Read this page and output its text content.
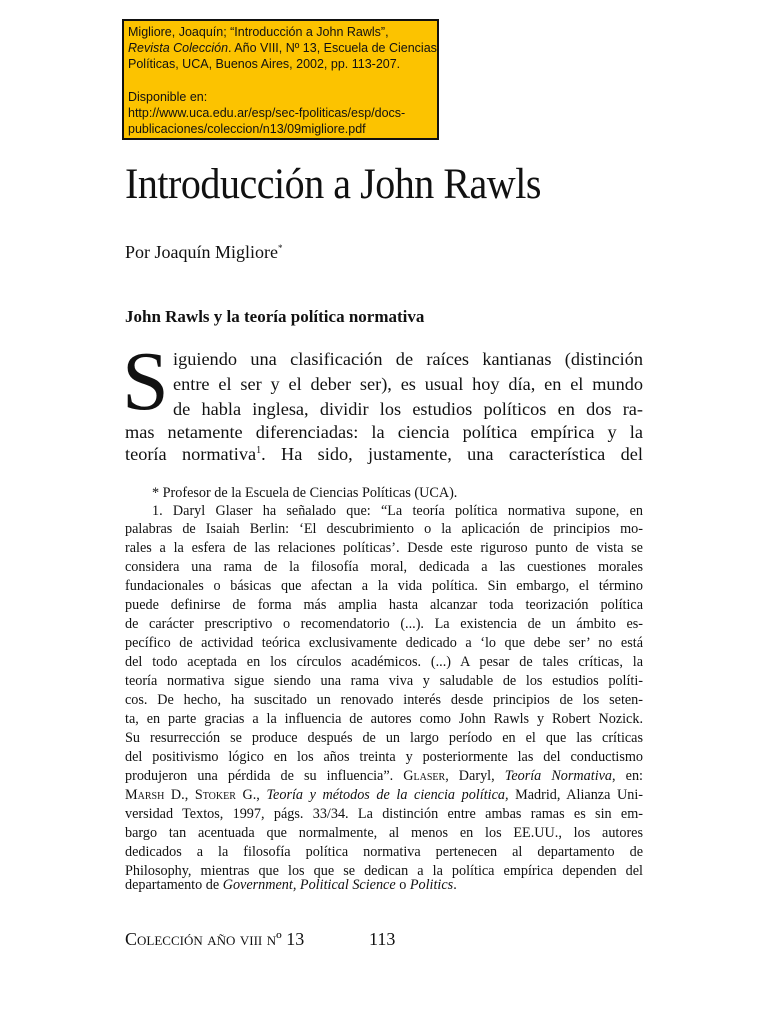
Migliore, Joaquín; “Introducción a John Rawls”,
Revista Colección. Año VIII, Nº 13, Escuela de Ciencias
Políticas, UCA, Buenos Aires, 2002, pp. 113-207.
Disponible en:
http://www.uca.edu.ar/esp/sec-fpoliticas/esp/docs-
publicaciones/coleccion/n13/09migliore.pdf
Introducción a John Rawls
Por Joaquín Migliore*
John Rawls y la teoría política normativa
S iguiendo una clasificación de raíces kantianas (distinción
entre el ser y el deber ser), es usual hoy día, en el mundo
de habla inglesa, dividir los estudios políticos en dos ra-
mas netamente diferenciadas: la ciencia política empírica y la
teoría normativa$^1$. Ha sido, justamente, una característica del
* Profesor de la Escuela de Ciencias Políticas (UCA).
1. Daryl Glaser ha señalado que: “La teoría política normativa supone, en
palabras de Isaiah Berlin: ‘El descubrimiento o la aplicación de principios mo-
rales a la esfera de las relaciones políticas’. Desde este riguroso punto de vista se
considera una rama de la filosofía moral, dedicada a las cuestiones morales
fundacionales o básicas que afectan a la vida política. Sin embargo, el término
puede definirse de forma más amplia hasta alcanzar toda teorización política
de carácter prescriptivo o recomendatorio (...). La existencia de un ámbito es-
pecífico de actividad teórica exclusivamente dedicado a ‘lo que debe ser’ no está
del todo aceptada en los círculos académicos. (...) A pesar de tales críticas, la
teoría normativa sigue siendo una rama viva y saludable de los estudios políti-
cos. De hecho, ha suscitado un renovado interés desde principios de los seten-
ta, en parte gracias a la influencia de autores como John Rawls y Robert Nozick.
Su resurrección se produce después de un largo período en el que las críticas
del positivismo lógico en los años treinta y posteriormente las del conductismo
produjeron una pérdida de su influencia”. Glaser, Daryl, Teoría Normativa, en:
Marsh D., Stoker G., Teoría y métodos de la ciencia política, Madrid, Alianza Uni-
versidad Textos, 1997, págs. 33/34. La distinción entre ambas ramas es sin em-
bargo tan acentuada que normalmente, al menos en los EE.UU., los autores
dedicados a la filosofía política normativa pertenecen al departamento de
Philosophy, mientras que los que se dedican a la política empírica dependen del
departamento de Government, Political Science o Politics.
Colección año viii nº 13	113
